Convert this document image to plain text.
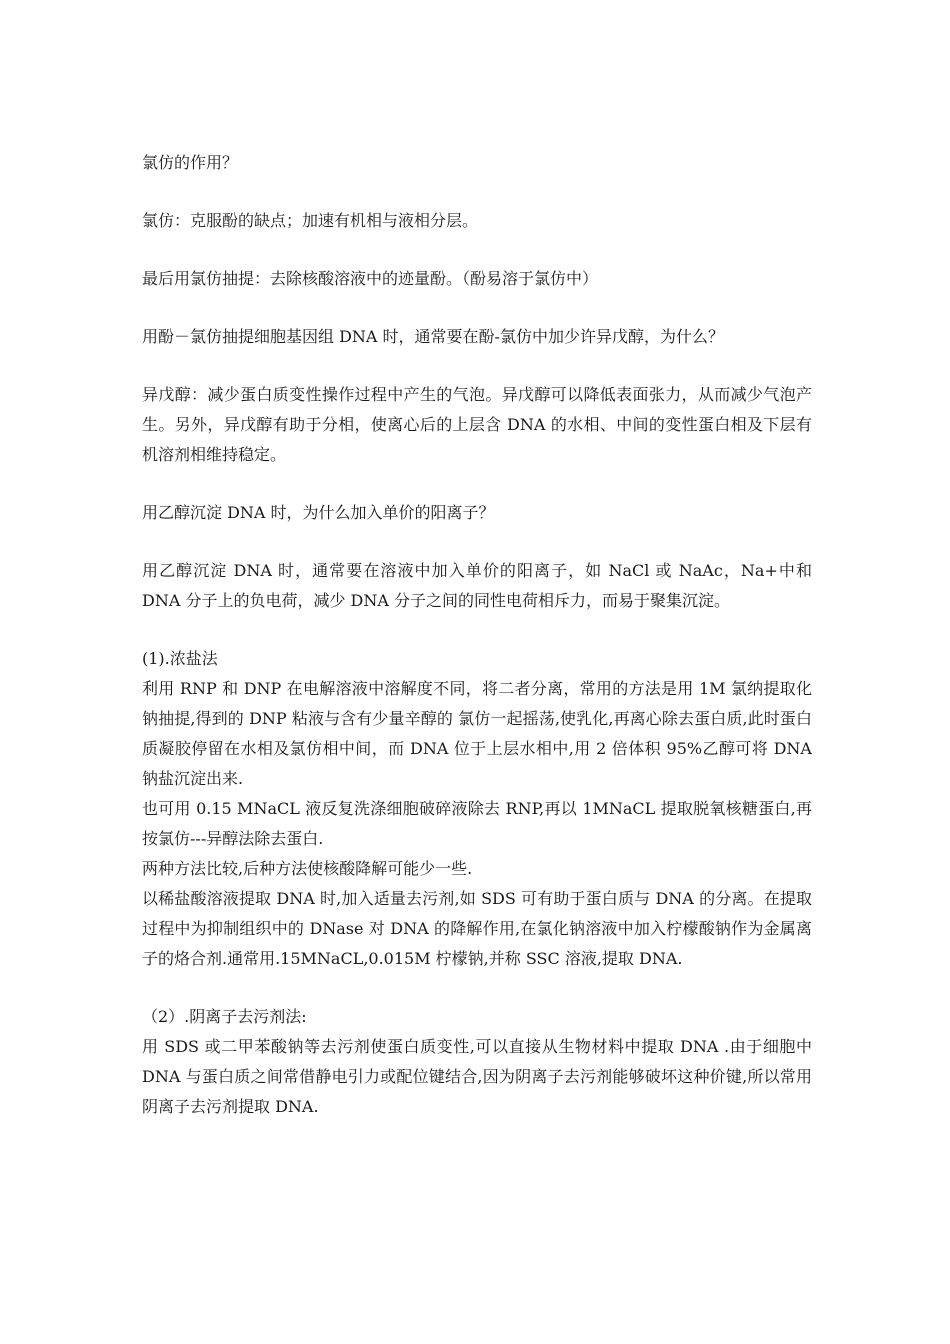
氯仿的作用？

氯仿：克服酚的缺点；加速有机相与液相分层。

最后用氯仿抽提：去除核酸溶液中的迹量酚。（酚易溶于氯仿中）

用酚－氯仿抽提细胞基因组 DNA 时，通常要在酚-氯仿中加少许异戊醇，为什么？

异戊醇：减少蛋白质变性操作过程中产生的气泡。异戊醇可以降低表面张力，从而减少气泡产生。另外，异戊醇有助于分相，使离心后的上层含 DNA 的水相、中间的变性蛋白相及下层有机溶剂相维持稳定。

用乙醇沉淀 DNA 时，为什么加入单价的阳离子？

用乙醇沉淀 DNA 时，通常要在溶液中加入单价的阳离子，如 NaCl 或 NaAc，Na+中和 DNA 分子上的负电荷，减少 DNA 分子之间的同性电荷相斥力，而易于聚集沉淀。

(1).浓盐法

利用 RNP 和 DNP 在电解溶液中溶解度不同，将二者分离，常用的方法是用 1M 氯纳提取化钠抽提,得到的 DNP 粘液与含有少量辛醇的 氯仿一起摇荡,使乳化,再离心除去蛋白质,此时蛋白质凝胶停留在水相及氯仿相中间，而 DNA 位于上层水相中,用 2 倍体积 95%乙醇可将 DNA 钠盐沉淀出来.

也可用 0.15 MNaCL 液反复洗涤细胞破碎液除去 RNP,再以 1MNaCL 提取脱氧核糖蛋白,再按氯仿---异醇法除去蛋白.

两种方法比较,后种方法使核酸降解可能少一些.

以稀盐酸溶液提取 DNA 时,加入适量去污剂,如 SDS 可有助于蛋白质与 DNA 的分离。在提取过程中为抑制组织中的 DNase 对 DNA 的降解作用,在氯化钠溶液中加入柠檬酸钠作为金属离子的烙合剂.通常用.15MNaCL,0.015M 柠檬钠,并称 SSC 溶液,提取 DNA.

（2）.阴离子去污剂法:

用 SDS 或二甲苯酸钠等去污剂使蛋白质变性,可以直接从生物材料中提取 DNA .由于细胞中 DNA 与蛋白质之间常借静电引力或配位键结合,因为阴离子去污剂能够破坏这种价键,所以常用阴离子去污剂提取 DNA.
